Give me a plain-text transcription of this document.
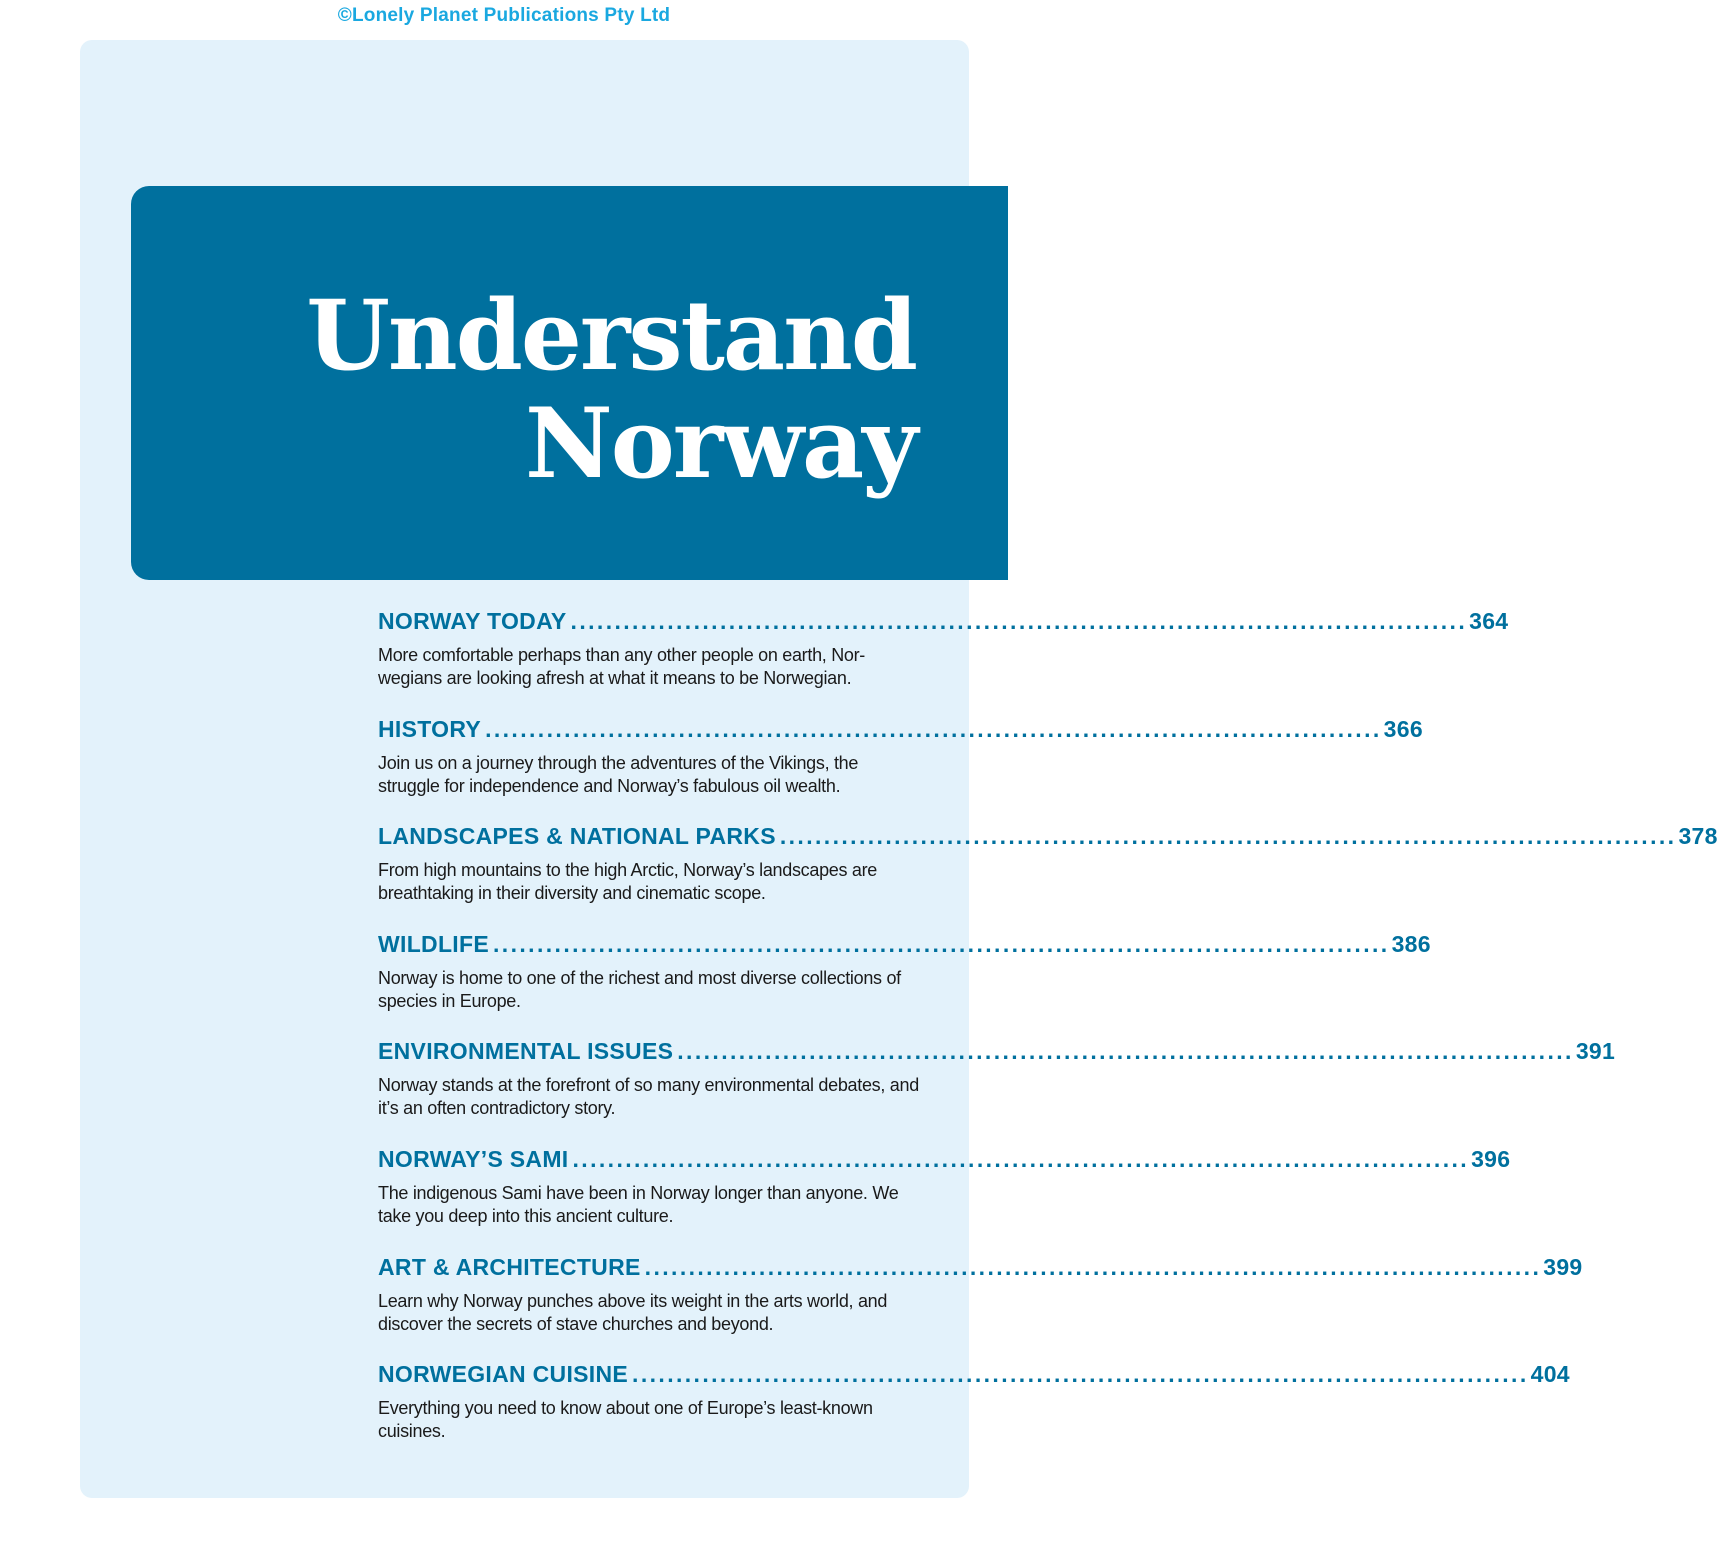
©Lonely Planet Publications Pty Ltd
Understand
Norway
NORWAY TODAY ...................................................................................................... 364
More comfortable perhaps than any other people on earth, Nor-wegians are looking afresh at what it means to be Norwegian.
HISTORY ...................................................................................................... 366
Join us on a journey through the adventures of the Vikings, the struggle for independence and Norway’s fabulous oil wealth.
LANDSCAPES & NATIONAL PARKS ...................................................................................................... 378
From high mountains to the high Arctic, Norway’s landscapes are breathtaking in their diversity and cinematic scope.
WILDLIFE ...................................................................................................... 386
Norway is home to one of the richest and most diverse collections of species in Europe.
ENVIRONMENTAL ISSUES ...................................................................................................... 391
Norway stands at the forefront of so many environmental debates, and it’s an often contradictory story.
NORWAY’S SAMI ...................................................................................................... 396
The indigenous Sami have been in Norway longer than anyone. We take you deep into this ancient culture.
ART & ARCHITECTURE ...................................................................................................... 399
Learn why Norway punches above its weight in the arts world, and discover the secrets of stave churches and beyond.
NORWEGIAN CUISINE ...................................................................................................... 404
Everything you need to know about one of Europe’s least-known cuisines.
